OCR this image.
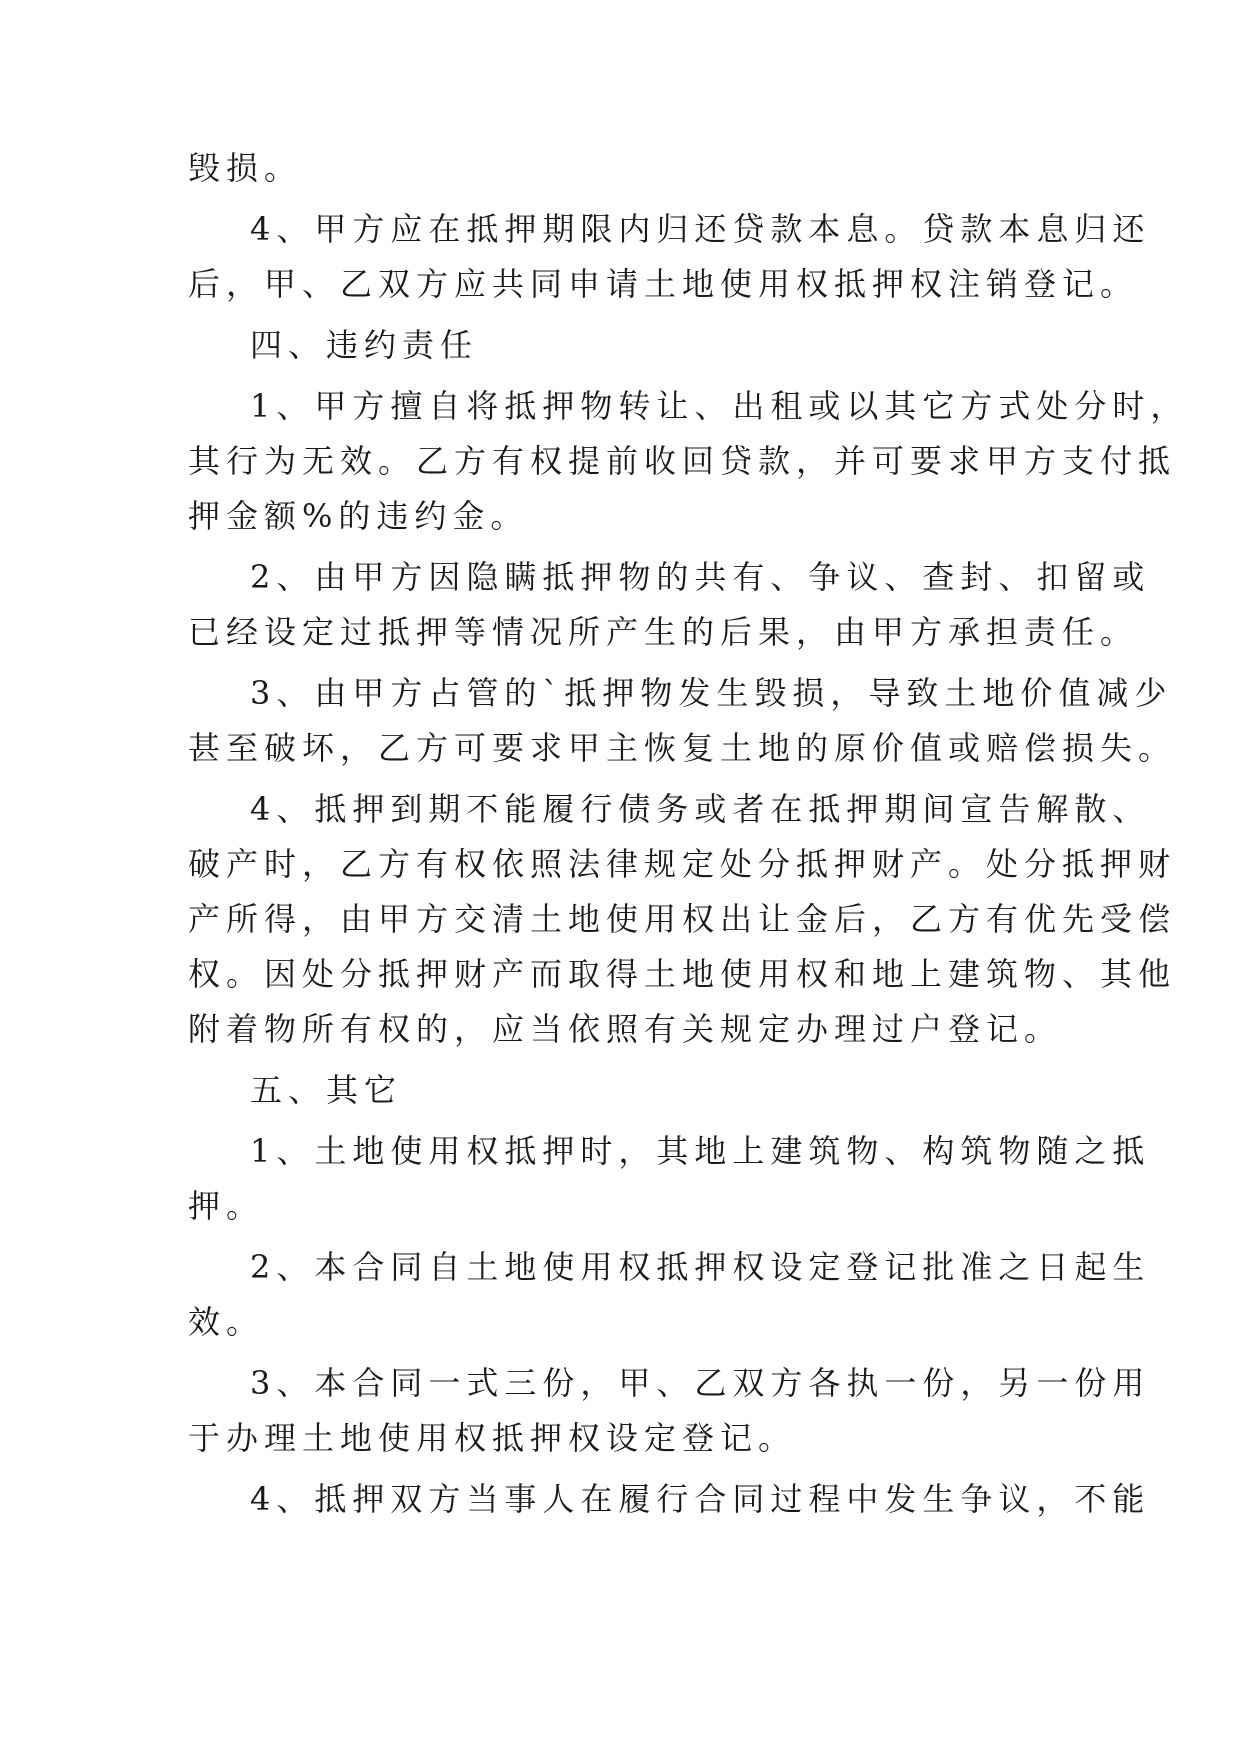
毁损。
4、甲方应在抵押期限内归还贷款本息。贷款本息归还
后，甲、乙双方应共同申请土地使用权抵押权注销登记。
四、违约责任
1、甲方擅自将抵押物转让、出租或以其它方式处分时，
其行为无效。乙方有权提前收回贷款，并可要求甲方支付抵
押金额%的违约金。
2、由甲方因隐瞒抵押物的共有、争议、查封、扣留或
已经设定过抵押等情况所产生的后果，由甲方承担责任。
3、由甲方占管的`抵押物发生毁损，导致土地价值减少
甚至破坏，乙方可要求甲主恢复土地的原价值或赔偿损失。
4、抵押到期不能履行债务或者在抵押期间宣告解散、
破产时，乙方有权依照法律规定处分抵押财产。处分抵押财
产所得，由甲方交清土地使用权出让金后，乙方有优先受偿
权。因处分抵押财产而取得土地使用权和地上建筑物、其他
附着物所有权的，应当依照有关规定办理过户登记。
五、其它
1、土地使用权抵押时，其地上建筑物、构筑物随之抵
押。
2、本合同自土地使用权抵押权设定登记批准之日起生
效。
3、本合同一式三份，甲、乙双方各执一份，另一份用
于办理土地使用权抵押权设定登记。
4、抵押双方当事人在履行合同过程中发生争议，不能
